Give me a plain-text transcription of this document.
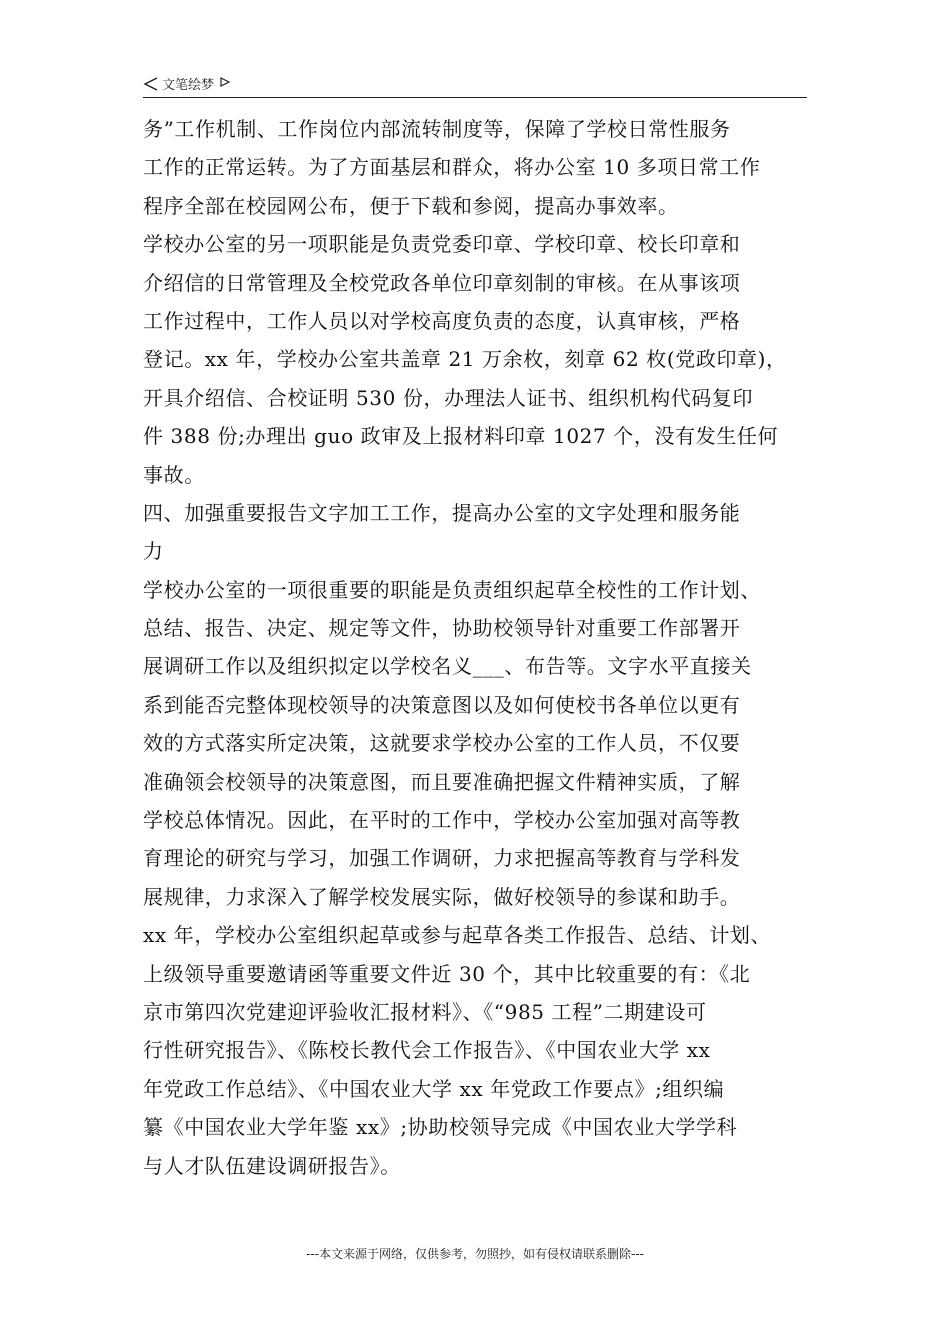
文笔绘梦
务”工作机制、工作岗位内部流转制度等，保障了学校日常性服务
工作的正常运转。为了方面基层和群众，将办公室 10 多项日常工作
程序全部在校园网公布，便于下载和参阅，提高办事效率。
学校办公室的另一项职能是负责党委印章、学校印章、校长印章和
介绍信的日常管理及全校党政各单位印章刻制的审核。在从事该项
工作过程中，工作人员以对学校高度负责的态度，认真审核，严格
登记。xx 年，学校办公室共盖章 21 万余枚，刻章 62 枚(党政印章)，
开具介绍信、合校证明 530 份，办理法人证书、组织机构代码复印
件 388 份;办理出 guo 政审及上报材料印章 1027 个，没有发生任何
事故。
四、加强重要报告文字加工工作，提高办公室的文字处理和服务能
力
学校办公室的一项很重要的职能是负责组织起草全校性的工作计划、
总结、报告、决定、规定等文件，协助校领导针对重要工作部署开
展调研工作以及组织拟定以学校名义___、布告等。文字水平直接关
系到能否完整体现校领导的决策意图以及如何使校书各单位以更有
效的方式落实所定决策，这就要求学校办公室的工作人员，不仅要
准确领会校领导的决策意图，而且要准确把握文件精神实质，了解
学校总体情况。因此，在平时的工作中，学校办公室加强对高等教
育理论的研究与学习，加强工作调研，力求把握高等教育与学科发
展规律，力求深入了解学校发展实际，做好校领导的参谋和助手。
xx 年，学校办公室组织起草或参与起草各类工作报告、总结、计划、
上级领导重要邀请函等重要文件近 30 个，其中比较重要的有：《北
京市第四次党建迎评验收汇报材料》、《“985 工程”二期建设可
行性研究报告》、《陈校长教代会工作报告》、《中国农业大学 xx
年党政工作总结》、《中国农业大学 xx 年党政工作要点》;组织编
纂《中国农业大学年鉴 xx》;协助校领导完成《中国农业大学学科
与人才队伍建设调研报告》。
---本文来源于网络，仅供参考，勿照抄，如有侵权请联系删除---
